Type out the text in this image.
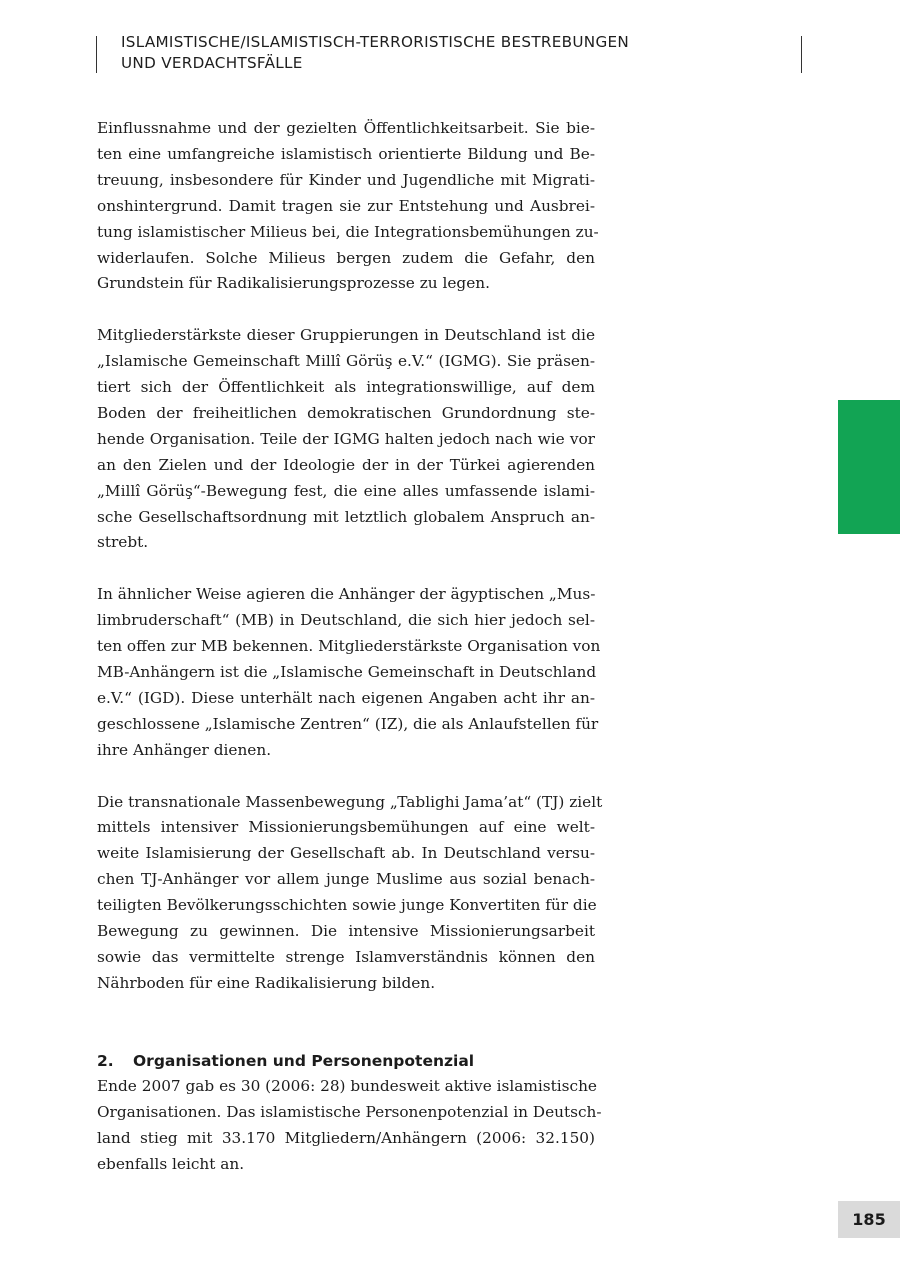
ISLAMISTISCHE/ISLAMISTISCH-TERRORISTISCHE BESTREBUNGEN
UND VERDACHTSFÄLLE
Einflussnahme und der gezielten Öffentlichkeitsarbeit. Sie bie-
ten eine umfangreiche islamistisch orientierte Bildung und Be-
treuung, insbesondere für Kinder und Jugendliche mit Migrati-
onshintergrund. Damit tragen sie zur Entstehung und Ausbrei-
tung islamistischer Milieus bei, die Integrationsbemühungen zu-
widerlaufen. Solche Milieus bergen zudem die Gefahr, den
Grundstein für Radikalisierungsprozesse zu legen.
Mitgliederstärkste dieser Gruppierungen in Deutschland ist die
„Islamische Gemeinschaft Millî Görüş e.V.“ (IGMG). Sie präsen-
tiert sich der Öffentlichkeit als integrationswillige, auf dem
Boden der freiheitlichen demokratischen Grundordnung ste-
hende Organisation. Teile der IGMG halten jedoch nach wie vor
an den Zielen und der Ideologie der in der Türkei agierenden
„Millî Görüş“-Bewegung fest, die eine alles umfassende islami-
sche Gesellschaftsordnung mit letztlich globalem Anspruch an-
strebt.
In ähnlicher Weise agieren die Anhänger der ägyptischen „Mus-
limbruderschaft“ (MB) in Deutschland, die sich hier jedoch sel-
ten offen zur MB bekennen. Mitgliederstärkste Organisation von
MB-Anhängern ist die „Islamische Gemeinschaft in Deutschland
e.V.“ (IGD). Diese unterhält nach eigenen Angaben acht ihr an-
geschlossene „Islamische Zentren“ (IZ), die als Anlaufstellen für
ihre Anhänger dienen.
Die transnationale Massenbewegung „Tablighi Jama’at“ (TJ) zielt
mittels intensiver Missionierungsbemühungen auf eine welt-
weite Islamisierung der Gesellschaft ab. In Deutschland versu-
chen TJ-Anhänger vor allem junge Muslime aus sozial benach-
teiligten Bevölkerungsschichten sowie junge Konvertiten für die
Bewegung zu gewinnen. Die intensive Missionierungsarbeit
sowie das vermittelte strenge Islamverständnis können den
Nährboden für eine Radikalisierung bilden.
2. Organisationen und Personenpotenzial
Ende 2007 gab es 30 (2006: 28) bundesweit aktive islamistische
Organisationen. Das islamistische Personenpotenzial in Deutsch-
land stieg mit 33.170 Mitgliedern/Anhängern (2006: 32.150)
ebenfalls leicht an.
185
